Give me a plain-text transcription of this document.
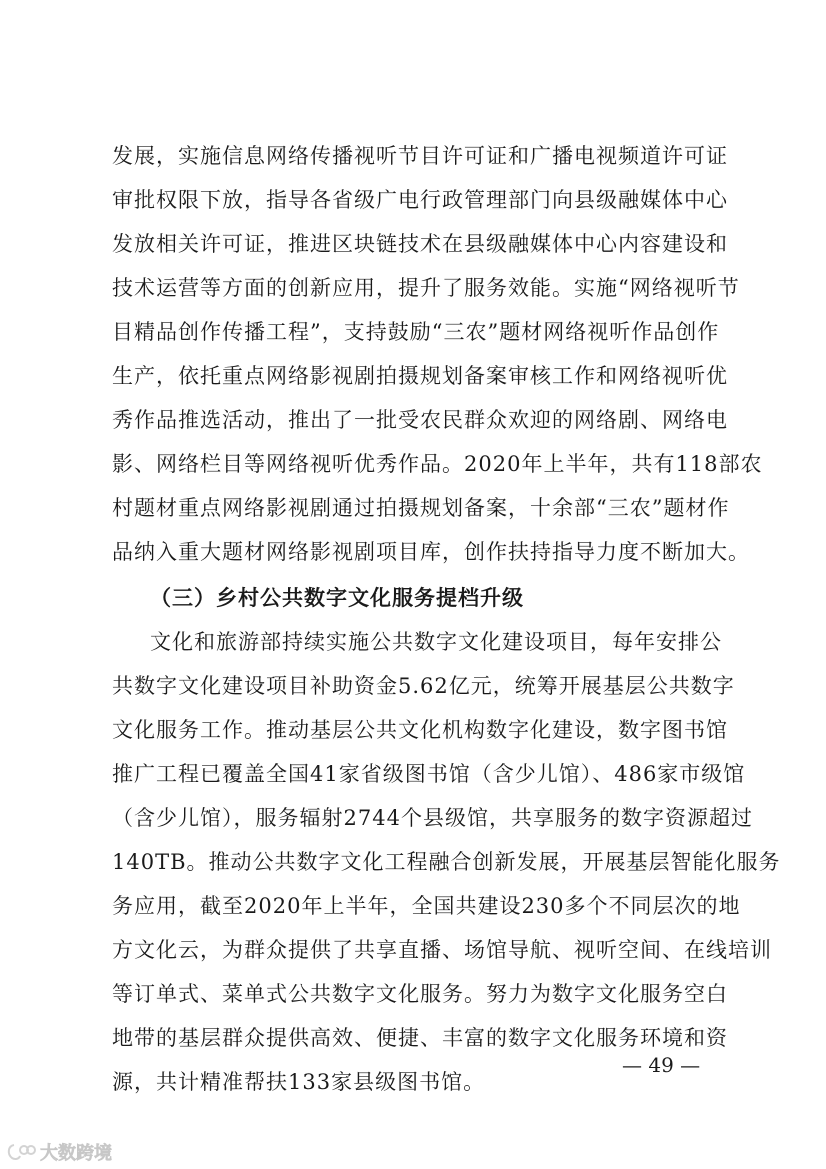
发展，实施信息网络传播视听节目许可证和广播电视频道许可证
审批权限下放，指导各省级广电行政管理部门向县级融媒体中心
发放相关许可证，推进区块链技术在县级融媒体中心内容建设和
技术运营等方面的创新应用，提升了服务效能。实施“网络视听节
目精品创作传播工程”，支持鼓励“三农”题材网络视听作品创作
生产，依托重点网络影视剧拍摄规划备案审核工作和网络视听优
秀作品推选活动，推出了一批受农民群众欢迎的网络剧、网络电
影、网络栏目等网络视听优秀作品。2020年上半年，共有118部农
村题材重点网络影视剧通过拍摄规划备案，十余部“三农”题材作
品纳入重大题材网络影视剧项目库，创作扶持指导力度不断加大。
（三）乡村公共数字文化服务提档升级
文化和旅游部持续实施公共数字文化建设项目，每年安排公
共数字文化建设项目补助资金5.62亿元，统筹开展基层公共数字
文化服务工作。推动基层公共文化机构数字化建设，数字图书馆
推广工程已覆盖全国41家省级图书馆（含少儿馆）、486家市级馆
（含少儿馆），服务辐射2744个县级馆，共享服务的数字资源超过
140TB。推动公共数字文化工程融合创新发展，开展基层智能化服务
务应用，截至2020年上半年，全国共建设230多个不同层次的地
方文化云，为群众提供了共享直播、场馆导航、视听空间、在线培训
等订单式、菜单式公共数字文化服务。努力为数字文化服务空白
地带的基层群众提供高效、便捷、丰富的数字文化服务环境和资
源，共计精准帮扶133家县级图书馆。
— 49 —
大数跨境
